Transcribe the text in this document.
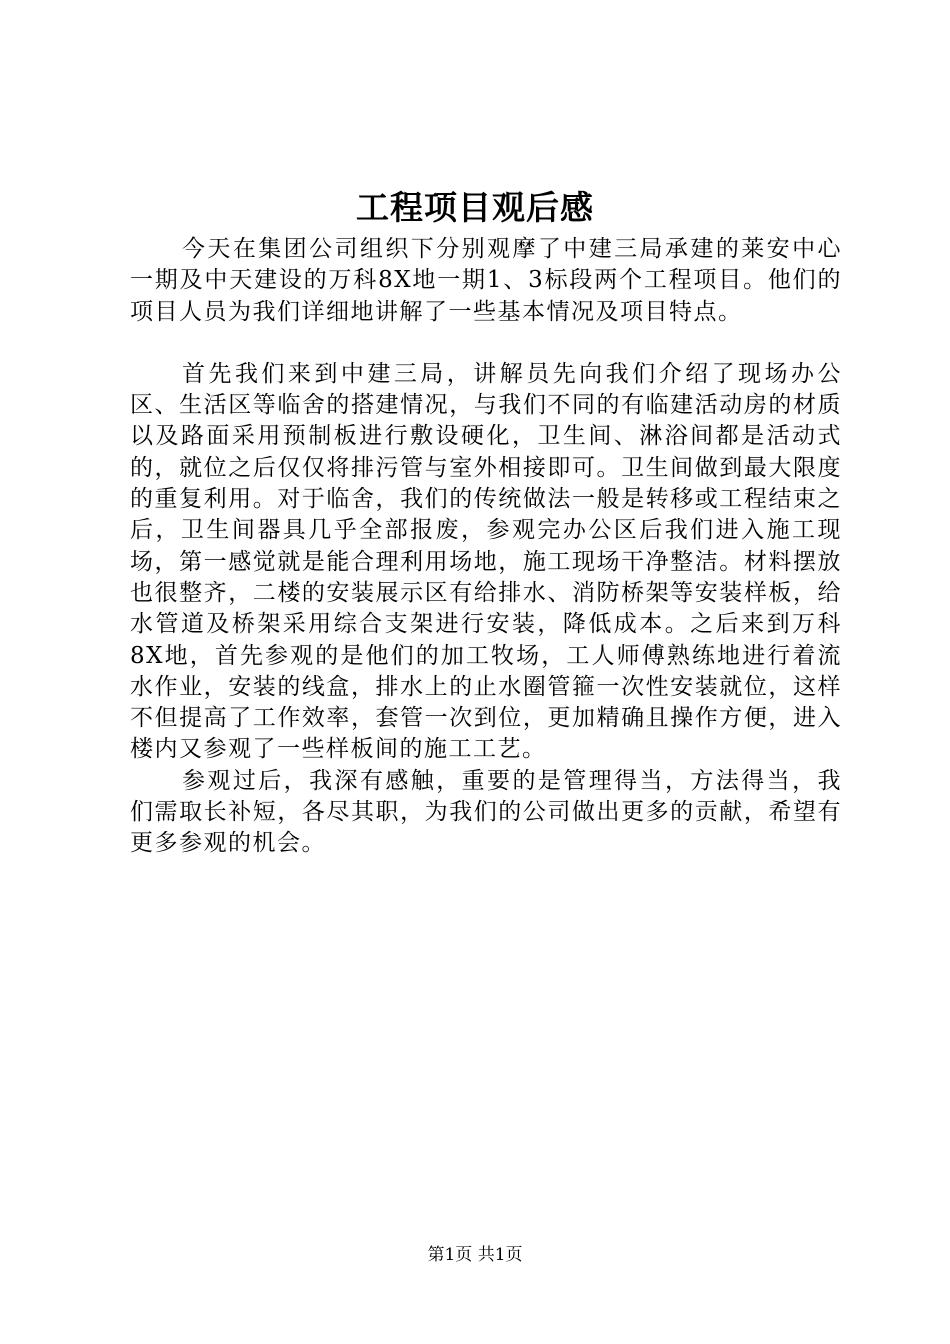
工程项目观后感

今天在集团公司组织下分别观摩了中建三局承建的莱安中心一期及中天建设的万科8X地一期1、3标段两个工程项目。他们的项目人员为我们详细地讲解了一些基本情况及项目特点。

首先我们来到中建三局，讲解员先向我们介绍了现场办公区、生活区等临舍的搭建情况，与我们不同的有临建活动房的材质以及路面采用预制板进行敷设硬化，卫生间、淋浴间都是活动式的，就位之后仅仅将排污管与室外相接即可。卫生间做到最大限度的重复利用。对于临舍，我们的传统做法一般是转移或工程结束之后，卫生间器具几乎全部报废，参观完办公区后我们进入施工现场，第一感觉就是能合理利用场地，施工现场干净整洁。材料摆放也很整齐，二楼的安装展示区有给排水、消防桥架等安装样板，给水管道及桥架采用综合支架进行安装，降低成本。之后来到万科8X地，首先参观的是他们的加工牧场，工人师傅熟练地进行着流水作业，安装的线盒，排水上的止水圈管箍一次性安装就位，这样不但提高了工作效率，套管一次到位，更加精确且操作方便，进入楼内又参观了一些样板间的施工工艺。

参观过后，我深有感触，重要的是管理得当，方法得当，我们需取长补短，各尽其职，为我们的公司做出更多的贡献，希望有更多参观的机会。

第1页 共1页
